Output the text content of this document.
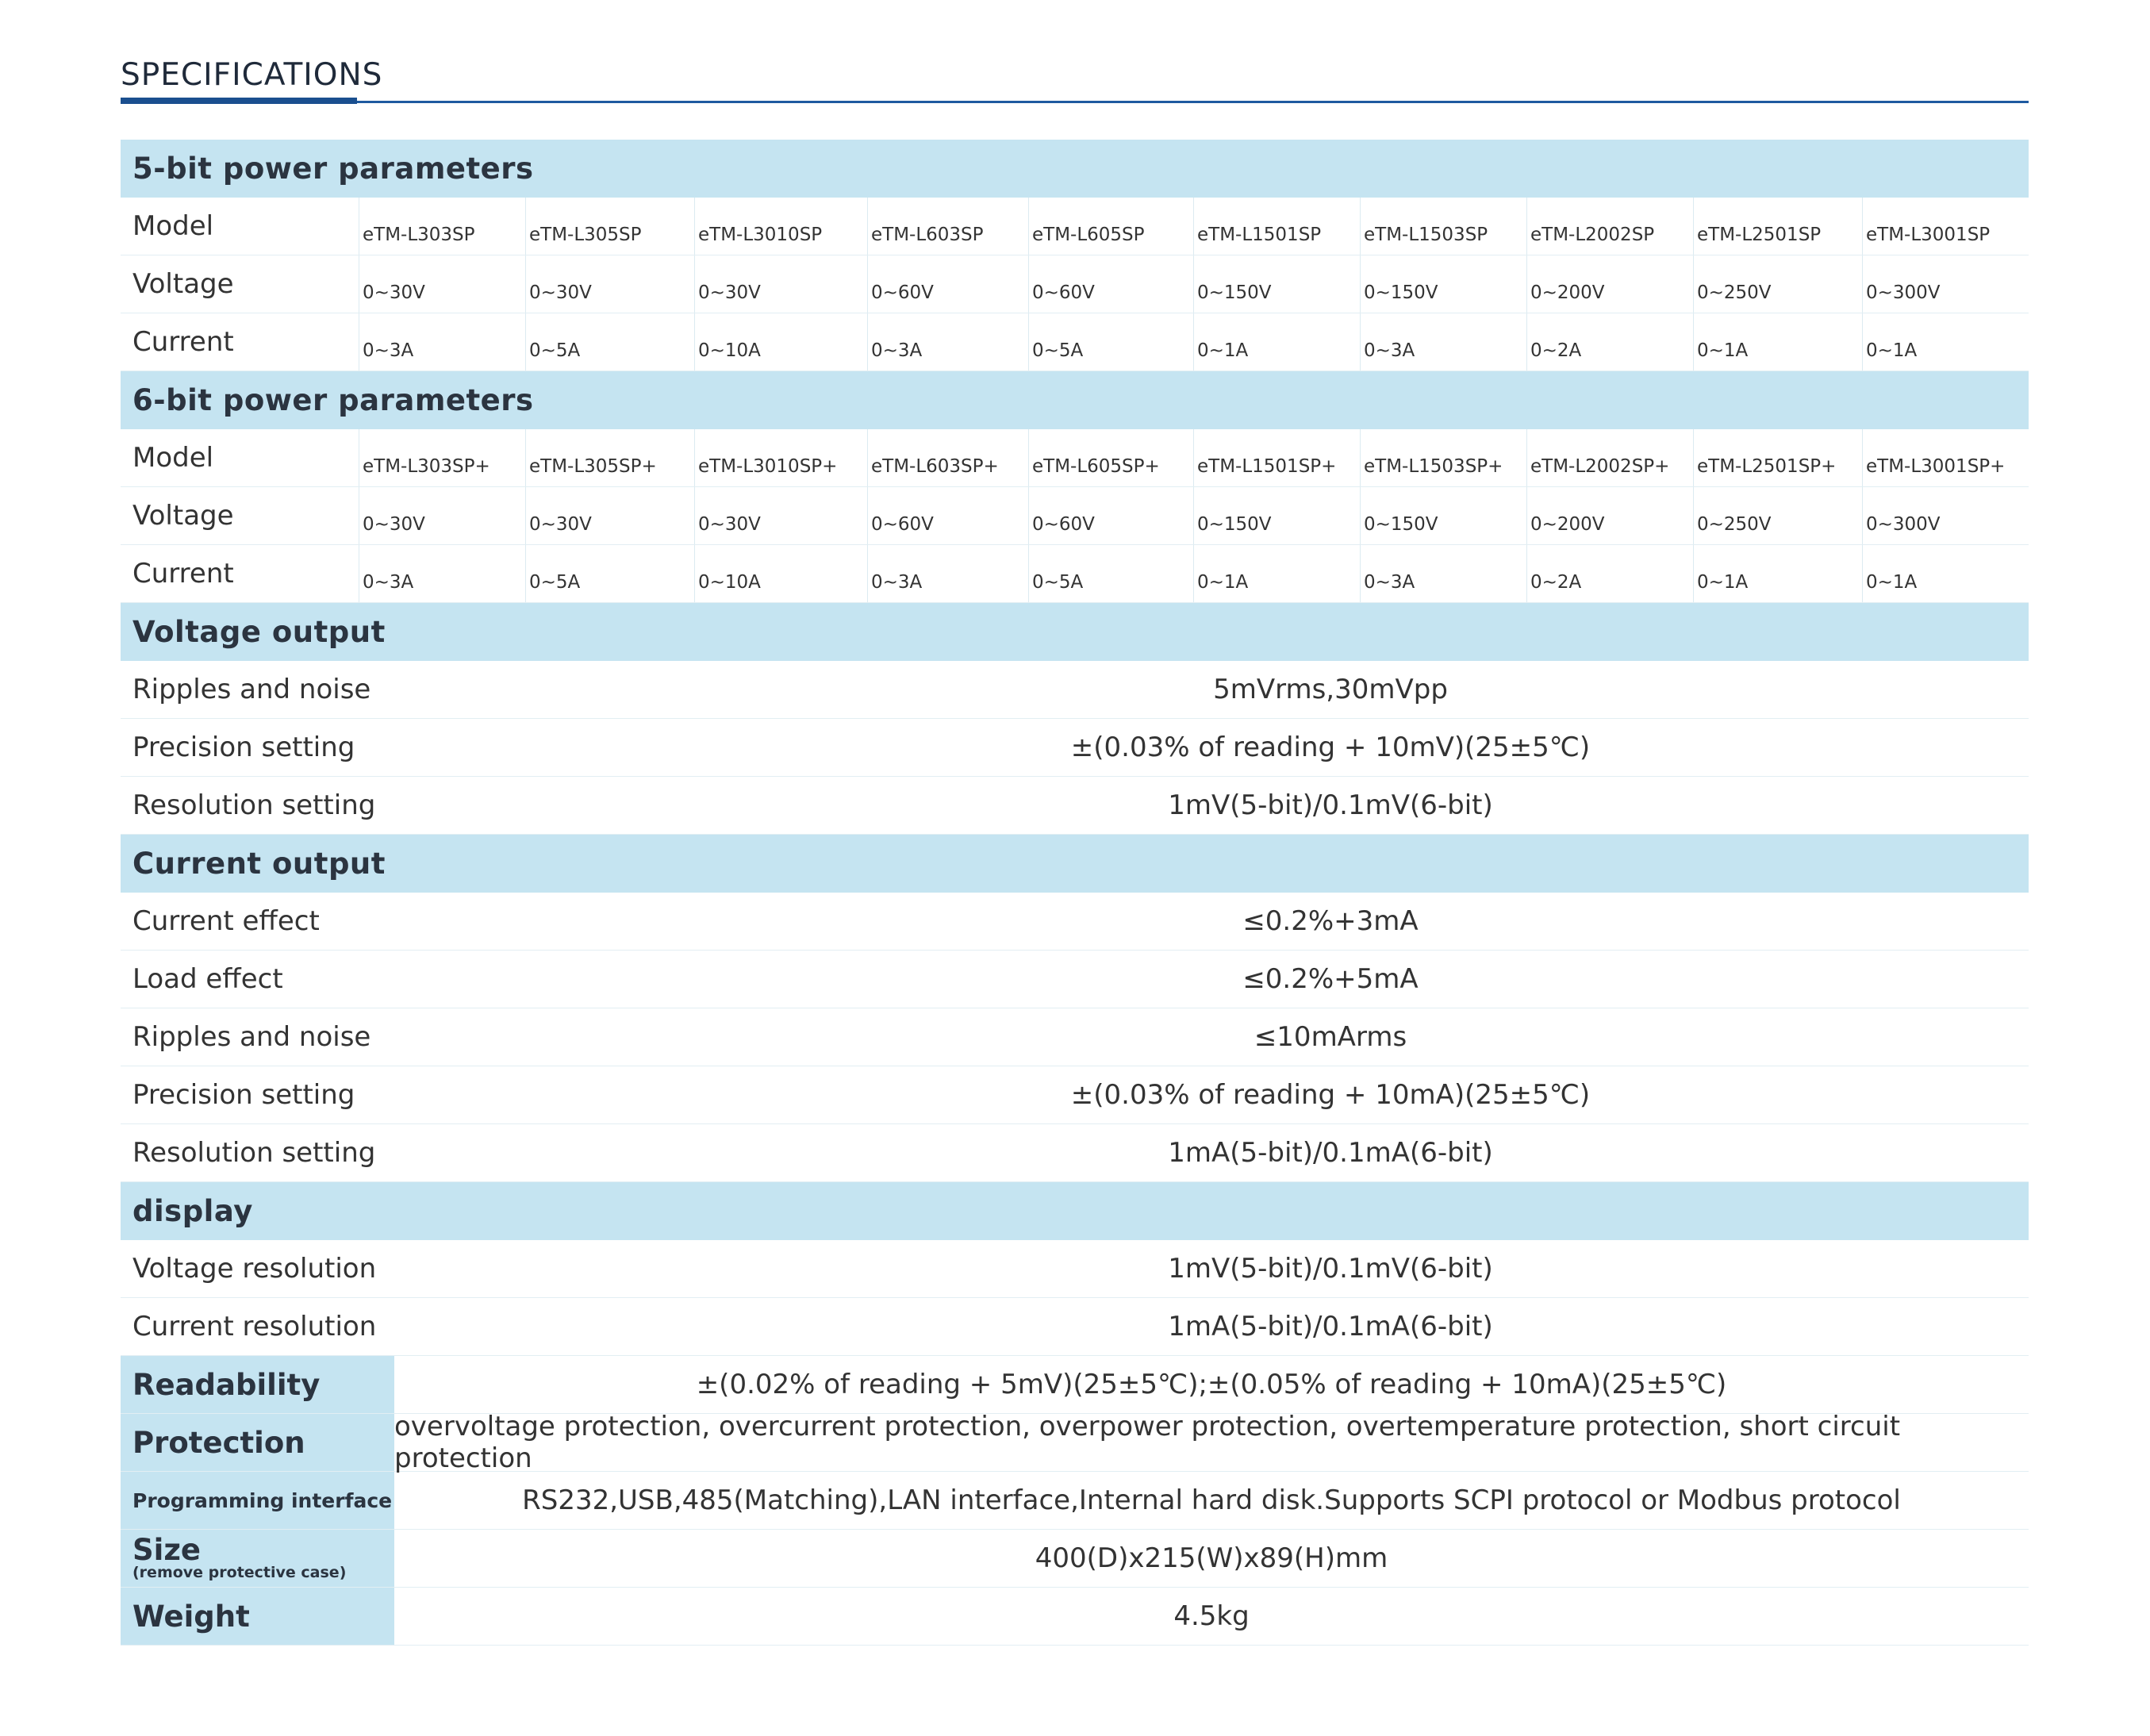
SPECIFICATIONS
5-bit power parameters
Model	eTM-L303SP	eTM-L305SP	eTM-L3010SP	eTM-L603SP	eTM-L605SP	eTM-L1501SP	eTM-L1503SP	eTM-L2002SP	eTM-L2501SP	eTM-L3001SP
Voltage	0~30V	0~30V	0~30V	0~60V	0~60V	0~150V	0~150V	0~200V	0~250V	0~300V
Current	0~3A	0~5A	0~10A	0~3A	0~5A	0~1A	0~3A	0~2A	0~1A	0~1A
6-bit power parameters
Model	eTM-L303SP+	eTM-L305SP+	eTM-L3010SP+	eTM-L603SP+	eTM-L605SP+	eTM-L1501SP+	eTM-L1503SP+	eTM-L2002SP+	eTM-L2501SP+	eTM-L3001SP+
Voltage	0~30V	0~30V	0~30V	0~60V	0~60V	0~150V	0~150V	0~200V	0~250V	0~300V
Current	0~3A	0~5A	0~10A	0~3A	0~5A	0~1A	0~3A	0~2A	0~1A	0~1A
Voltage output
Ripples and noise	5mVrms,30mVpp
Precision setting	±(0.03% of reading + 10mV)(25±5℃)
Resolution setting	1mV(5-bit)/0.1mV(6-bit)
Current output
Current effect	≤0.2%+3mA
Load effect	≤0.2%+5mA
Ripples and noise	≤10mArms
Precision setting	±(0.03% of reading + 10mA)(25±5℃)
Resolution setting	1mA(5-bit)/0.1mA(6-bit)
display
Voltage resolution	1mV(5-bit)/0.1mV(6-bit)
Current resolution	1mA(5-bit)/0.1mA(6-bit)
Readability	±(0.02% of reading + 5mV)(25±5℃);±(0.05% of reading + 10mA)(25±5℃)
Protection	overvoltage protection, overcurrent protection, overpower protection, overtemperature protection, short circuit protection
Programming interface	RS232,USB,485(Matching),LAN interface,Internal hard disk.Supports SCPI protocol or Modbus protocol
Size
(remove protective case)	400(D)x215(W)x89(H)mm
Weight	4.5kg
